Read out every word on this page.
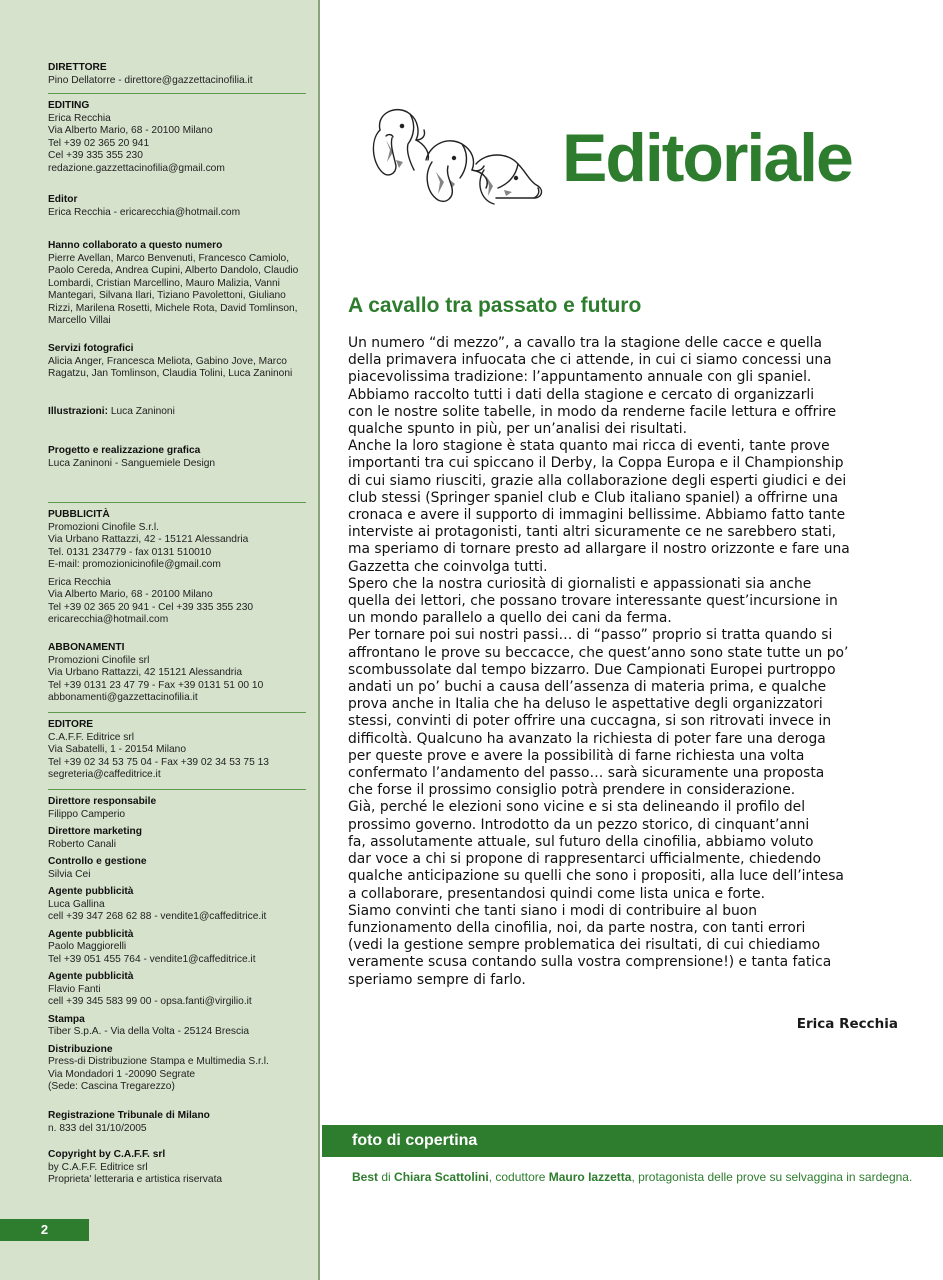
DIRETTORE
Pino Dellatorre - direttore@gazzettacinofilia.it
EDITING
Erica Recchia
Via Alberto Mario, 68 - 20100 Milano
Tel +39 02 365 20 941
Cel +39 335 355 230
redazione.gazzettacinofilia@gmail.com
Editor
Erica Recchia - ericarecchia@hotmail.com
Hanno collaborato a questo numero
Pierre Avellan, Marco Benvenuti, Francesco Camiolo,
Paolo Cereda, Andrea Cupini, Alberto Dandolo, Claudio
Lombardi, Cristian Marcellino, Mauro Malizia, Vanni
Mantegari, Silvana Ilari, Tiziano Pavolettoni, Giuliano
Rizzi, Marilena Rosetti, Michele Rota, David Tomlinson,
Marcello Villai
Servizi fotografici
Alicia Anger, Francesca Meliota, Gabino Jove, Marco
Ragatzu, Jan Tomlinson, Claudia Tolini, Luca Zaninoni
Illustrazioni: Luca Zaninoni
Progetto e realizzazione grafica
Luca Zaninoni - Sanguemiele Design
PUBBLICITÀ
Promozioni Cinofile S.r.l.
Via Urbano Rattazzi, 42 - 15121 Alessandria
Tel. 0131 234779 - fax 0131 510010
E-mail: promozionicinofile@gmail.com
Erica Recchia
Via Alberto Mario, 68 - 20100 Milano
Tel +39 02 365 20 941 - Cel +39 335 355 230
ericarecchia@hotmail.com
ABBONAMENTI
Promozioni Cinofile srl
Via Urbano Rattazzi, 42 15121 Alessandria
Tel +39 0131 23 47 79 - Fax +39 0131 51 00 10
abbonamenti@gazzettacinofilia.it
EDITORE
C.A.F.F. Editrice srl
Via Sabatelli, 1 - 20154 Milano
Tel +39 02 34 53 75 04 - Fax +39 02 34 53 75 13
segreteria@caffeditrice.it
Direttore responsabile
Filippo Camperio
Direttore marketing
Roberto Canali
Controllo e gestione
Silvia Cei
Agente pubblicità
Luca Gallina
cell +39 347 268 62 88 - vendite1@caffeditrice.it
Agente pubblicità
Paolo Maggiorelli
Tel +39 051 455 764 - vendite1@caffeditrice.it
Agente pubblicità
Flavio Fanti
cell +39 345 583 99 00 - opsa.fanti@virgilio.it
Stampa
Tiber S.p.A. - Via della Volta - 25124 Brescia
Distribuzione
Press-di Distribuzione Stampa e Multimedia S.r.l.
Via Mondadori 1 -20090 Segrate
(Sede: Cascina Tregarezzo)
Registrazione Tribunale di Milano
n. 833 del 31/10/2005
Copyright by C.A.F.F. srl
by C.A.F.F. Editrice srl
Proprieta' letteraria e artistica riservata
2
Editoriale
A cavallo tra passato e futuro
Un numero “di mezzo”, a cavallo tra la stagione delle cacce e quella
della primavera infuocata che ci attende, in cui ci siamo concessi una
piacevolissima tradizione: l’appuntamento annuale con gli spaniel.
Abbiamo raccolto tutti i dati della stagione e cercato di organizzarli
con le nostre solite tabelle, in modo da renderne facile lettura e offrire
qualche spunto in più, per un’analisi dei risultati.
Anche la loro stagione è stata quanto mai ricca di eventi, tante prove
importanti tra cui spiccano il Derby, la Coppa Europa e il Championship
di cui siamo riusciti, grazie alla collaborazione degli esperti giudici e dei
club stessi (Springer spaniel club e Club italiano spaniel) a offrirne una
cronaca e avere il supporto di immagini bellissime. Abbiamo fatto tante
interviste ai protagonisti, tanti altri sicuramente ce ne sarebbero stati,
ma speriamo di tornare presto ad allargare il nostro orizzonte e fare una
Gazzetta che coinvolga tutti.
Spero che la nostra curiosità di giornalisti e appassionati sia anche
quella dei lettori, che possano trovare interessante quest’incursione in
un mondo parallelo a quello dei cani da ferma.
Per tornare poi sui nostri passi… di “passo” proprio si tratta quando si
affrontano le prove su beccacce, che quest’anno sono state tutte un po’
scombussolate dal tempo bizzarro. Due Campionati Europei purtroppo
andati un po’ buchi a causa dell’assenza di materia prima, e qualche
prova anche in Italia che ha deluso le aspettative degli organizzatori
stessi, convinti di poter offrire una cuccagna, si son ritrovati invece in
difficoltà. Qualcuno ha avanzato la richiesta di poter fare una deroga
per queste prove e avere la possibilità di farne richiesta una volta
confermato l’andamento del passo… sarà sicuramente una proposta
che forse il prossimo consiglio potrà prendere in considerazione.
Già, perché le elezioni sono vicine e si sta delineando il profilo del
prossimo governo. Introdotto da un pezzo storico, di cinquant’anni
fa, assolutamente attuale, sul futuro della cinofilia, abbiamo voluto
dar voce a chi si propone di rappresentarci ufficialmente, chiedendo
qualche anticipazione su quelli che sono i propositi, alla luce dell’intesa
a collaborare, presentandosi quindi come lista unica e forte.
Siamo convinti che tanti siano i modi di contribuire al buon
funzionamento della cinofilia, noi, da parte nostra, con tanti errori
(vedi la gestione sempre problematica dei risultati, di cui chiediamo
veramente scusa contando sulla vostra comprensione!) e tanta fatica
speriamo sempre di farlo.
Erica Recchia
foto di copertina
Best di Chiara Scattolini, coduttore Mauro Iazzetta, protagonista delle prove su selvaggina in sardegna.
